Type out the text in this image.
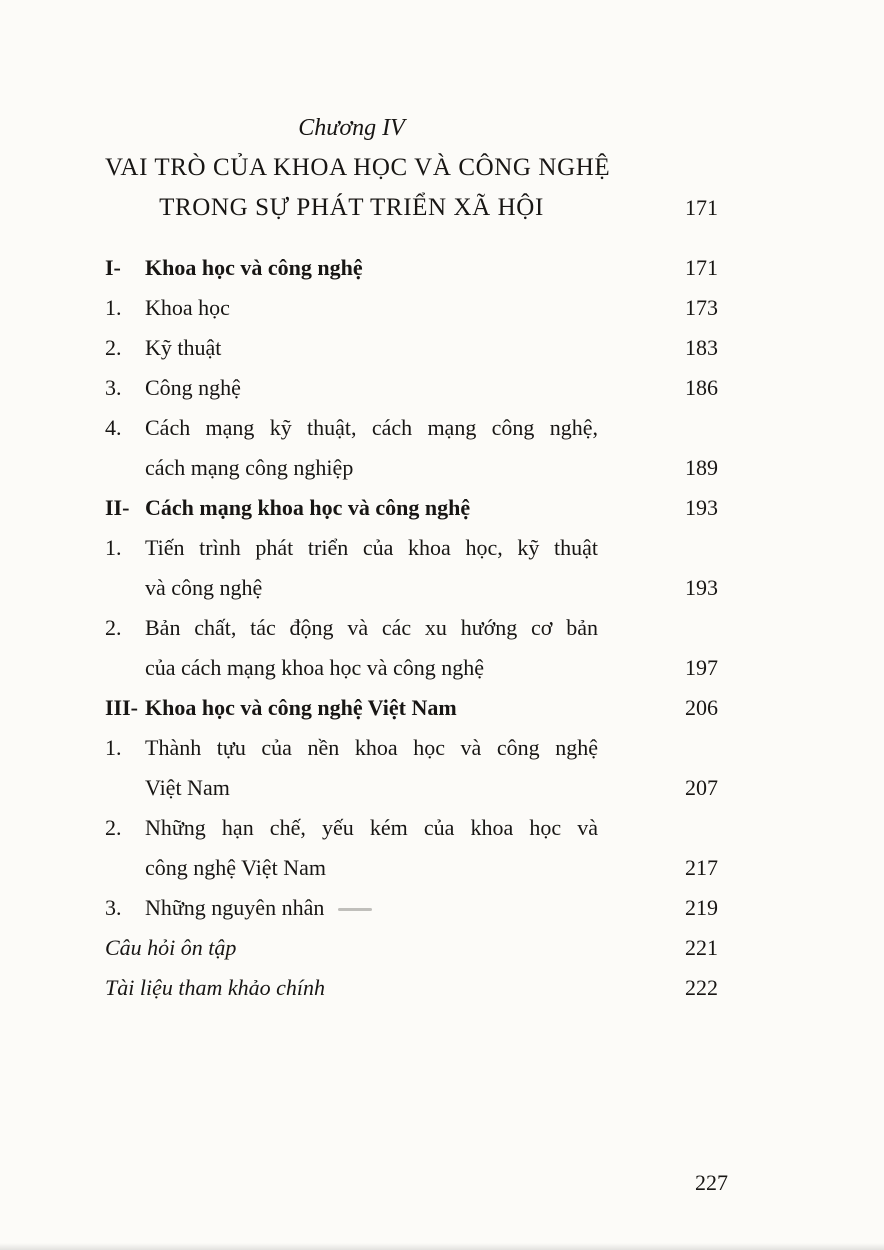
Chương IV
VAI TRÒ CỦA KHOA HỌC VÀ CÔNG NGHỆ
TRONG SỰ PHÁT TRIỂN XÃ HỘI	171
I-	Khoa học và công nghệ	171
1.	Khoa học	173
2.	Kỹ thuật	183
3.	Công nghệ	186
4.	Cách mạng kỹ thuật, cách mạng công nghệ,
cách mạng công nghiệp	189
II- Cách mạng khoa học và công nghệ	193
1.	Tiến trình phát triển của khoa học, kỹ thuật
và công nghệ	193
2.	Bản chất, tác động và các xu hướng cơ bản
của cách mạng khoa học và công nghệ	197
III- Khoa học và công nghệ Việt Nam	206
1.	Thành tựu của nền khoa học và công nghệ
Việt Nam	207
2.	Những hạn chế, yếu kém của khoa học và
công nghệ Việt Nam	217
3.	Những nguyên nhân	219
Câu hỏi ôn tập	221
Tài liệu tham khảo chính	222
227
